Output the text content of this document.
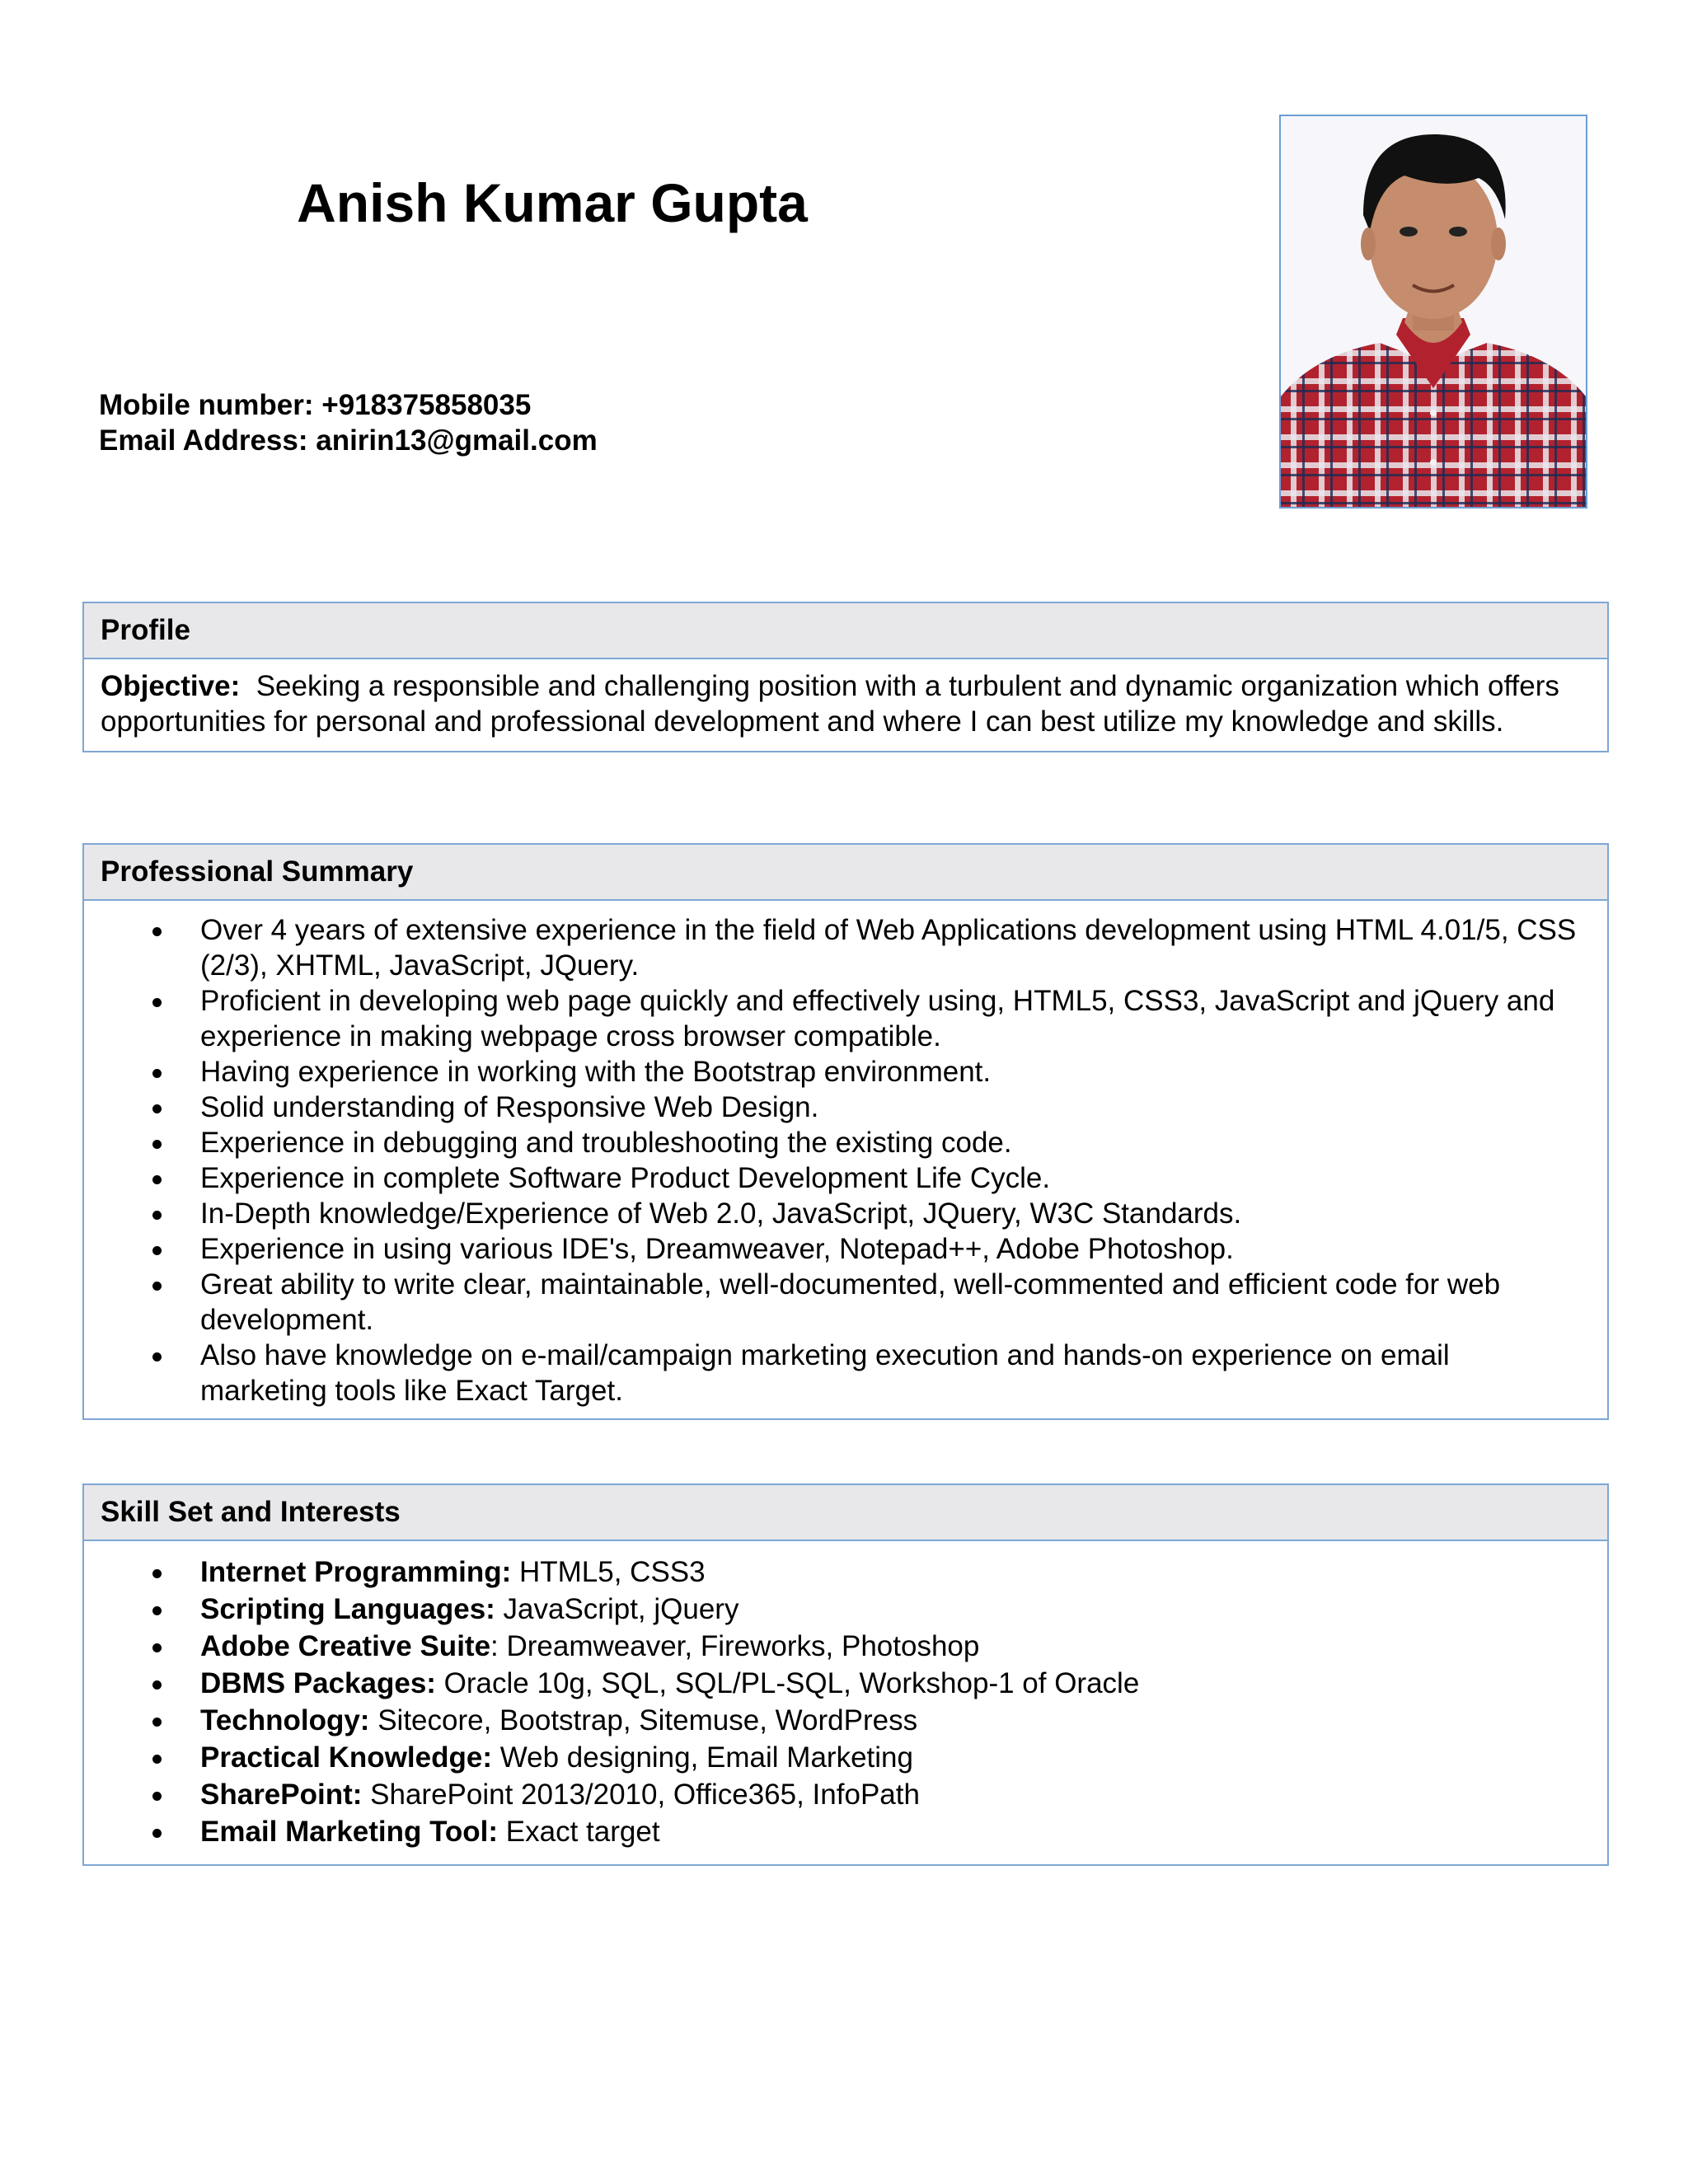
Anish Kumar Gupta
Mobile number: +918375858035
Email Address: anirin13@gmail.com
Profile
Objective: Seeking a responsible and challenging position with a turbulent and dynamic organization which offers opportunities for personal and professional development and where I can best utilize my knowledge and skills.
Professional Summary
Over 4 years of extensive experience in the field of Web Applications development using HTML 4.01/5, CSS (2/3), XHTML, JavaScript, JQuery.
Proficient in developing web page quickly and effectively using, HTML5, CSS3, JavaScript and jQuery and experience in making webpage cross browser compatible.
Having experience in working with the Bootstrap environment.
Solid understanding of Responsive Web Design.
Experience in debugging and troubleshooting the existing code.
Experience in complete Software Product Development Life Cycle.
In-Depth knowledge/Experience of Web 2.0, JavaScript, JQuery, W3C Standards.
Experience in using various IDE's, Dreamweaver, Notepad++, Adobe Photoshop.
Great ability to write clear, maintainable, well-documented, well-commented and efficient code for web development.
Also have knowledge on e-mail/campaign marketing execution and hands-on experience on email marketing tools like Exact Target.
Skill Set and Interests
Internet Programming: HTML5, CSS3
Scripting Languages: JavaScript, jQuery
Adobe Creative Suite: Dreamweaver, Fireworks, Photoshop
DBMS Packages: Oracle 10g, SQL, SQL/PL-SQL, Workshop-1 of Oracle
Technology: Sitecore, Bootstrap, Sitemuse, WordPress
Practical Knowledge: Web designing, Email Marketing
SharePoint: SharePoint 2013/2010, Office365, InfoPath
Email Marketing Tool: Exact target
